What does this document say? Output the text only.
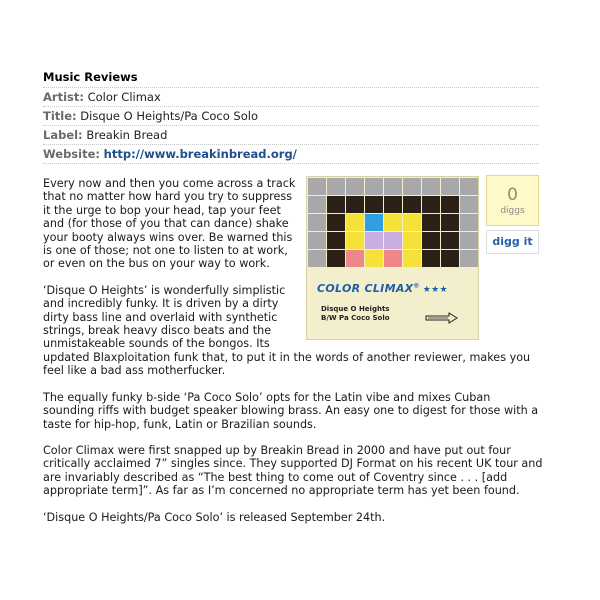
Music Reviews
Artist: Color Climax
Title: Disque O Heights/Pa Coco Solo
Label: Breakin Bread
Website: http://www.breakinbread.org/
COLOR CLIMAX® ★★★
Disque O Heights
B/W Pa Coco Solo
0
diggs
digg it

Every now and then you come across a track that no matter how hard you try to suppress it the urge to bop your head, tap your feet and (for those of you that can dance) shake your booty always wins over. Be warned this is one of those; not one to listen to at work, or even on the bus on your way to work.

‘Disque O Heights’ is wonderfully simplistic and incredibly funky. It is driven by a dirty dirty bass line and overlaid with synthetic strings, break heavy disco beats and the unmistakeable sounds of the bongos. Its updated Blaxploitation funk that, to put it in the words of another reviewer, makes you feel like a bad ass motherfucker.

The equally funky b-side ‘Pa Coco Solo’ opts for the Latin vibe and mixes Cuban sounding riffs with budget speaker blowing brass. An easy one to digest for those with a taste for hip-hop, funk, Latin or Brazilian sounds.

Color Climax were first snapped up by Breakin Bread in 2000 and have put out four critically acclaimed 7” singles since. They supported DJ Format on his recent UK tour and are invariably described as “The best thing to come out of Coventry since . . . [add appropriate term]”. As far as I’m concerned no appropriate term has yet been found.

‘Disque O Heights/Pa Coco Solo’ is released September 24th.
